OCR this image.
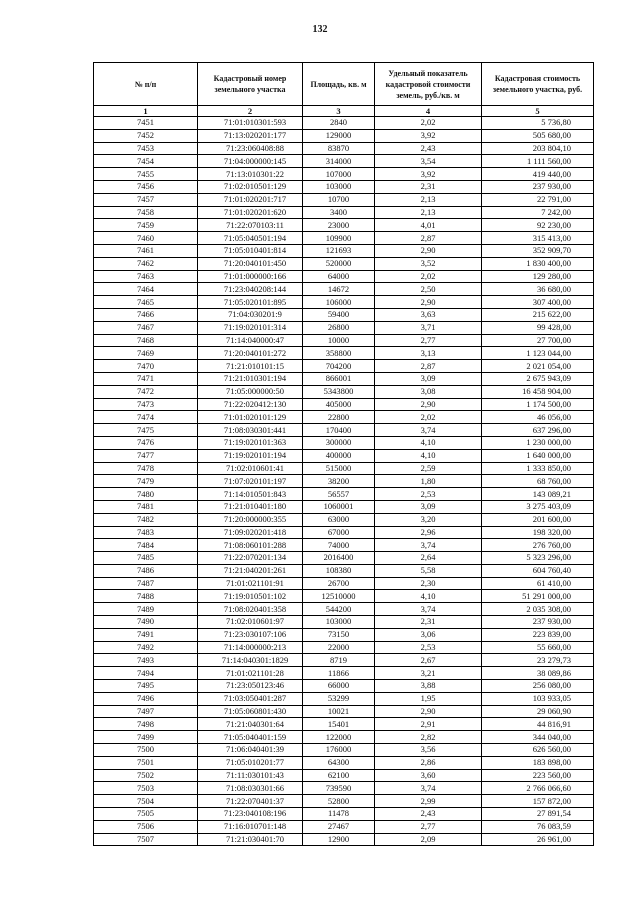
132
№ п/п	Кадастровый номер земельного участка	Площадь, кв. м	Удельный показатель кадастровой стоимости земель, руб./кв. м	Кадастровая стоимость земельного участка, руб.
1	2	3	4	5
7451	71:01:010301:593	2840	2,02	5 736,80
7452	71:13:020201:177	129000	3,92	505 680,00
7453	71:23:060408:88	83870	2,43	203 804,10
7454	71:04:000000:145	314000	3,54	1 111 560,00
7455	71:13:010301:22	107000	3,92	419 440,00
7456	71:02:010501:129	103000	2,31	237 930,00
7457	71:01:020201:717	10700	2,13	22 791,00
7458	71:01:020201:620	3400	2,13	7 242,00
7459	71:22:070103:11	23000	4,01	92 230,00
7460	71:05:040501:194	109900	2,87	315 413,00
7461	71:05:010401:814	121693	2,90	352 909,70
7462	71:20:040101:450	520000	3,52	1 830 400,00
7463	71:01:000000:166	64000	2,02	129 280,00
7464	71:23:040208:144	14672	2,50	36 680,00
7465	71:05:020101:895	106000	2,90	307 400,00
7466	71:04:030201:9	59400	3,63	215 622,00
7467	71:19:020101:314	26800	3,71	99 428,00
7468	71:14:040000:47	10000	2,77	27 700,00
7469	71:20:040101:272	358800	3,13	1 123 044,00
7470	71:21:010101:15	704200	2,87	2 021 054,00
7471	71:21:010301:194	866001	3,09	2 675 943,09
7472	71:05:000000:50	5343800	3,08	16 458 904,00
7473	71:22:020412:130	405000	2,90	1 174 500,00
7474	71:01:020101:129	22800	2,02	46 056,00
7475	71:08:030301:441	170400	3,74	637 296,00
7476	71:19:020101:363	300000	4,10	1 230 000,00
7477	71:19:020101:194	400000	4,10	1 640 000,00
7478	71:02:010601:41	515000	2,59	1 333 850,00
7479	71:07:020101:197	38200	1,80	68 760,00
7480	71:14:010501:843	56557	2,53	143 089,21
7481	71:21:010401:180	1060001	3,09	3 275 403,09
7482	71:20:000000:355	63000	3,20	201 600,00
7483	71:09:020201:418	67000	2,96	198 320,00
7484	71:08:060101:288	74000	3,74	276 760,00
7485	71:22:070201:134	2016400	2,64	5 323 296,00
7486	71:21:040201:261	108380	5,58	604 760,40
7487	71:01:021101:91	26700	2,30	61 410,00
7488	71:19:010501:102	12510000	4,10	51 291 000,00
7489	71:08:020401:358	544200	3,74	2 035 308,00
7490	71:02:010601:97	103000	2,31	237 930,00
7491	71:23:030107:106	73150	3,06	223 839,00
7492	71:14:000000:213	22000	2,53	55 660,00
7493	71:14:040301:1829	8719	2,67	23 279,73
7494	71:01:021101:28	11866	3,21	38 089,86
7495	71:23:050123:46	66000	3,88	256 080,00
7496	71:03:050401:287	53299	1,95	103 933,05
7497	71:05:060801:430	10021	2,90	29 060,90
7498	71:21:040301:64	15401	2,91	44 816,91
7499	71:05:040401:159	122000	2,82	344 040,00
7500	71:06:040401:39	176000	3,56	626 560,00
7501	71:05:010201:77	64300	2,86	183 898,00
7502	71:11:030101:43	62100	3,60	223 560,00
7503	71:08:030301:66	739590	3,74	2 766 066,60
7504	71:22:070401:37	52800	2,99	157 872,00
7505	71:23:040108:196	11478	2,43	27 891,54
7506	71:16:010701:148	27467	2,77	76 083,59
7507	71:21:030401:70	12900	2,09	26 961,00
